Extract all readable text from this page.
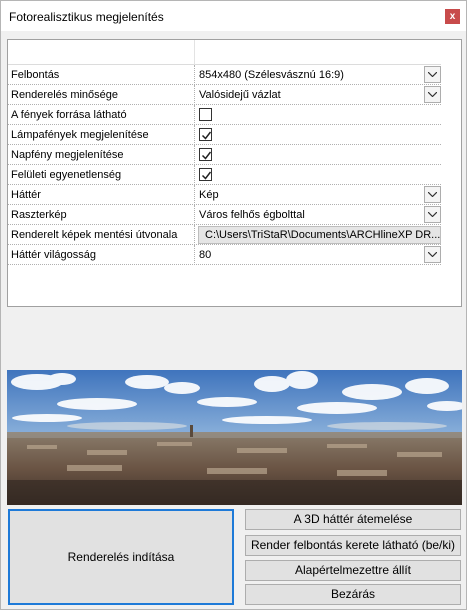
Fotorealisztikus megjelenítés	x
Felbontás	854x480 (Szélesvásznú 16:9)
Renderelés minősége	Valósidejű vázlat
A fények forrása látható
Lámpafények megjelenítése
Napfény megjelenítése
Felületi egyenetlenség
Háttér	Kép
Raszterkép	Város felhős égbolttal
Renderelt képek mentési útvonala	C:\Users\TriStaR\Documents\ARCHlineXP DR...
Háttér világosság	80
Renderelés indítása
A 3D háttér átemelése
Render felbontás kerete látható (be/ki)
Alapértelmezettre állít
Bezárás
